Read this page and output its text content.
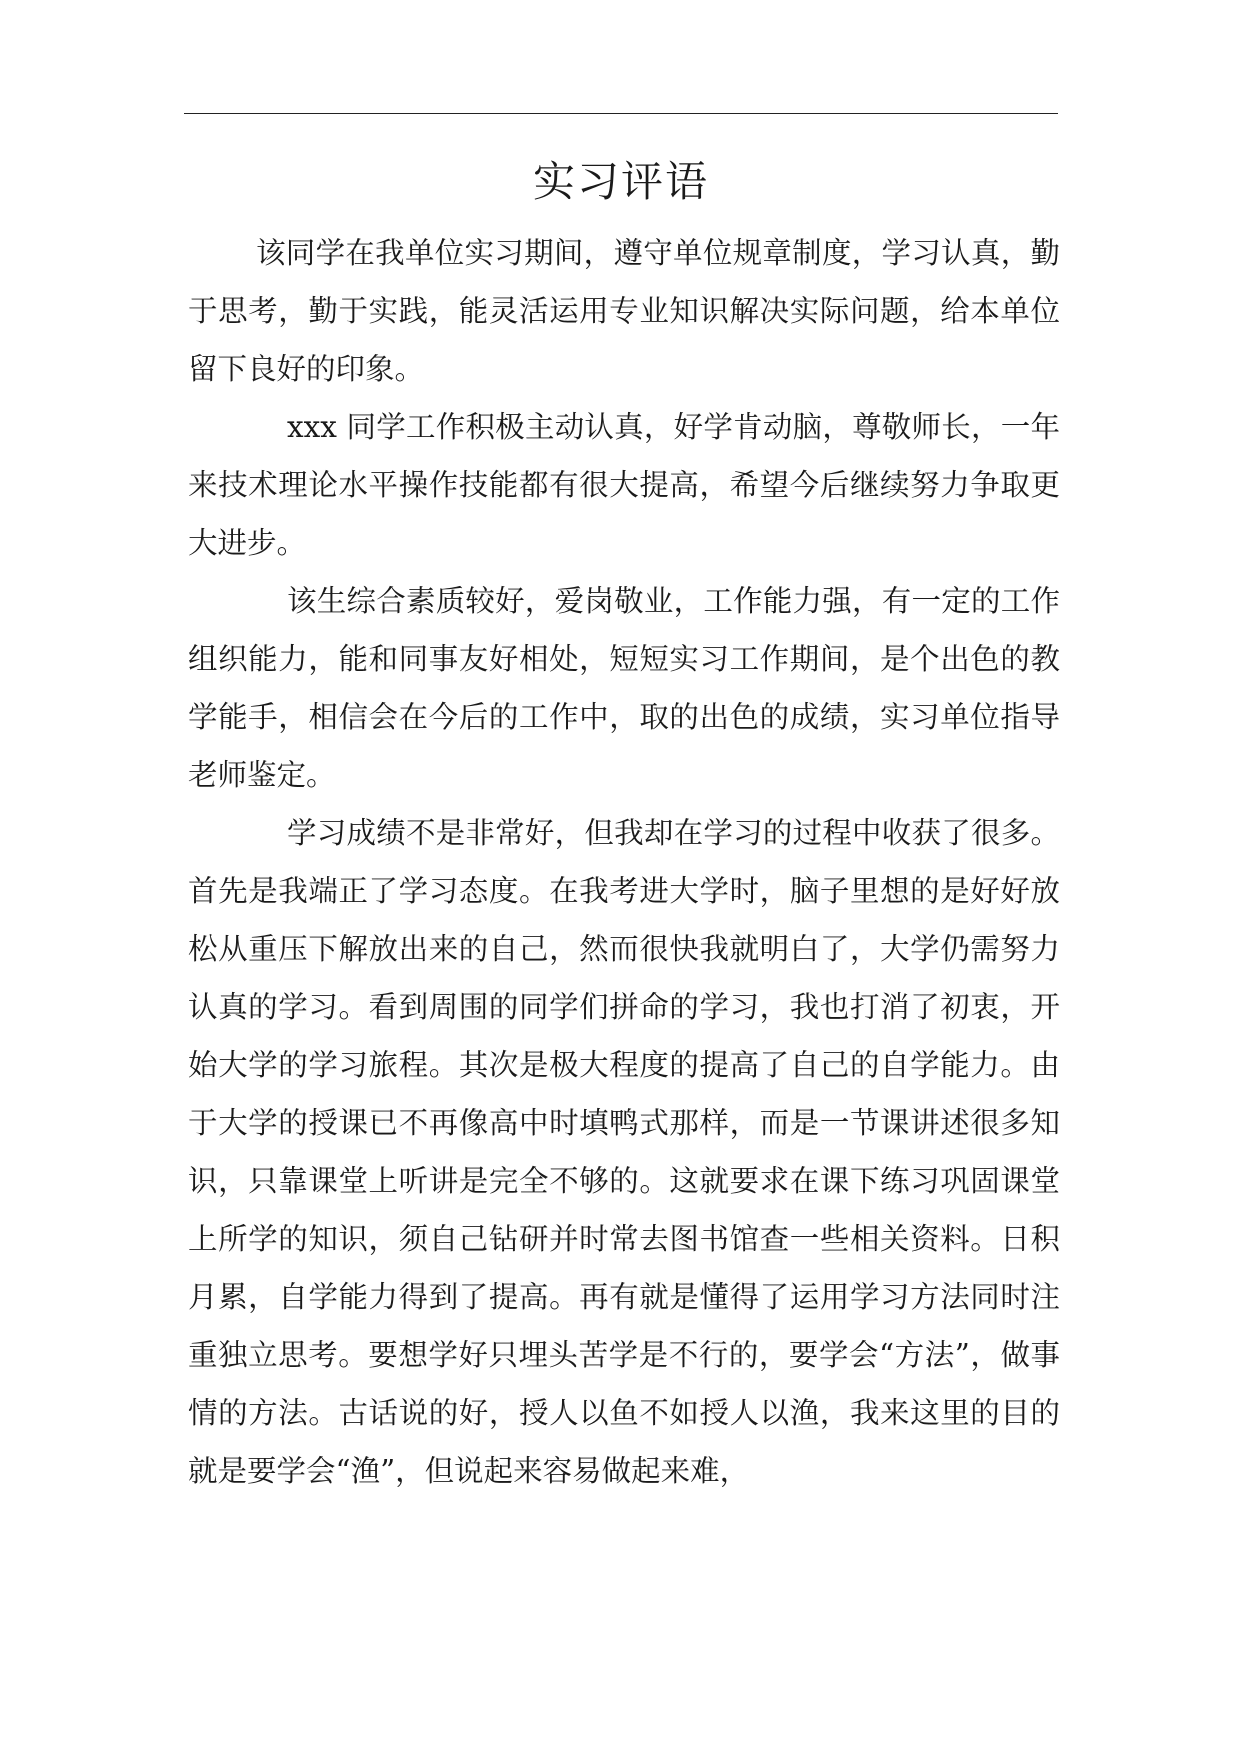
实习评语

该同学在我单位实习期间，遵守单位规章制度，学习认真，勤于思考，勤于实践，能灵活运用专业知识解决实际问题，给本单位留下良好的印象。

xxx 同学工作积极主动认真，好学肯动脑，尊敬师长，一年来技术理论水平操作技能都有很大提高，希望今后继续努力争取更大进步。

该生综合素质较好，爱岗敬业，工作能力强，有一定的工作组织能力，能和同事友好相处，短短实习工作期间，是个出色的教学能手，相信会在今后的工作中，取的出色的成绩，实习单位指导老师鉴定。

学习成绩不是非常好，但我却在学习的过程中收获了很多。首先是我端正了学习态度。在我考进大学时，脑子里想的是好好放松从重压下解放出来的自己，然而很快我就明白了，大学仍需努力认真的学习。看到周围的同学们拼命的学习，我也打消了初衷，开始大学的学习旅程。其次是极大程度的提高了自己的自学能力。由于大学的授课已不再像高中时填鸭式那样，而是一节课讲述很多知识，只靠课堂上听讲是完全不够的。这就要求在课下练习巩固课堂上所学的知识，须自己钻研并时常去图书馆查一些相关资料。日积月累，自学能力得到了提高。再有就是懂得了运用学习方法同时注重独立思考。要想学好只埋头苦学是不行的，要学会“方法”，做事情的方法。古话说的好，授人以鱼不如授人以渔，我来这里的目的就是要学会“渔”，但说起来容易做起来难，
